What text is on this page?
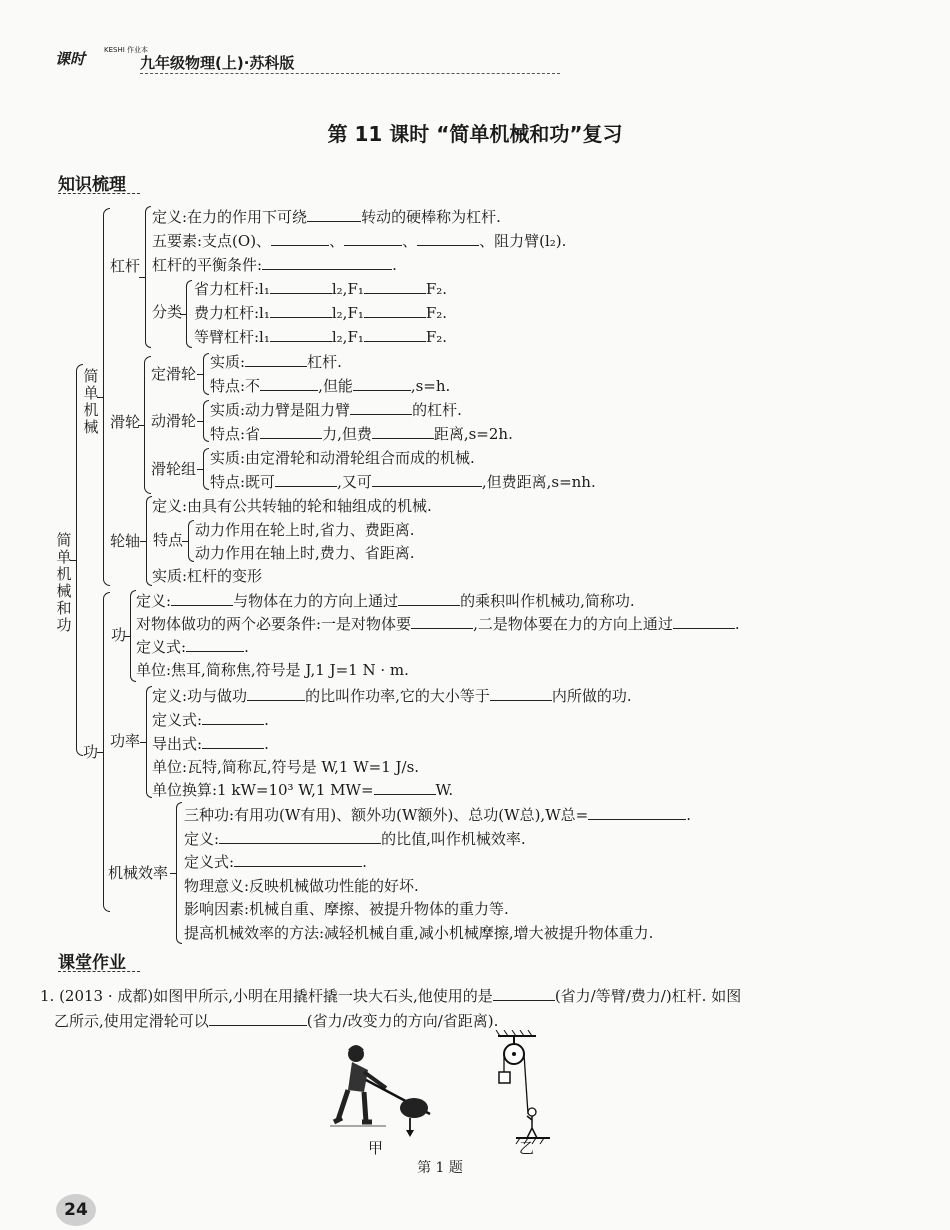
课时	KESHI 作业本
九年级物理(上)·苏科版
第 11 课时 “简单机械和功”复习
知识梳理
简单机械和功
简单机械
杠杆
分类
滑轮
定滑轮
动滑轮
滑轮组
轮轴 特点
功
功
功率
机械效率
定义:在力的作用下可绕	转动的硬棒称为杠杆.
五要素:支点(O)、	、	、	、阻力臂(l₂).
杠杆的平衡条件:	.
省力杠杆:l₁	l₂,F₁	F₂.
费力杠杆:l₁	l₂,F₁	F₂.
等臂杠杆:l₁	l₂,F₁	F₂.
实质:	杠杆.
特点:不	,但能	,s=h.
实质:动力臂是阻力臂	的杠杆.
特点:省	力,但费	距离,s=2h.
实质:由定滑轮和动滑轮组合而成的机械.
特点:既可	,又可	,但费距离,s=nh.
定义:由具有公共转轴的轮和轴组成的机械.
动力作用在轮上时,省力、费距离.
动力作用在轴上时,费力、省距离.
实质:杠杆的变形
定义:	与物体在力的方向上通过	的乘积叫作机械功,简称功.
对物体做功的两个必要条件:一是对物体要	,二是物体要在力的方向上通过	.
定义式:	.
单位:焦耳,简称焦,符号是 J,1 J=1 N · m.
定义:功与做功	的比叫作功率,它的大小等于	内所做的功.
定义式:	.
导出式:	.
单位:瓦特,简称瓦,符号是 W,1 W=1 J/s.
单位换算:1 kW=10³ W,1 MW=	W.
三种功:有用功(W有用)、额外功(W额外)、总功(W总),W总=	.
定义:	的比值,叫作机械效率.
定义式:	.
物理意义:反映机械做功性能的好坏.
影响因素:机械自重、摩擦、被提升物体的重力等.
提高机械效率的方法:减轻机械自重,减小机械摩擦,增大被提升物体重力.
课堂作业
1. (2013 · 成都)如图甲所示,小明在用撬杆撬一块大石头,他使用的是	(省力/等臂/费力/)杠杆. 如图
乙所示,使用定滑轮可以	(省力/改变力的方向/省距离).
甲	乙
第 1 题
24
